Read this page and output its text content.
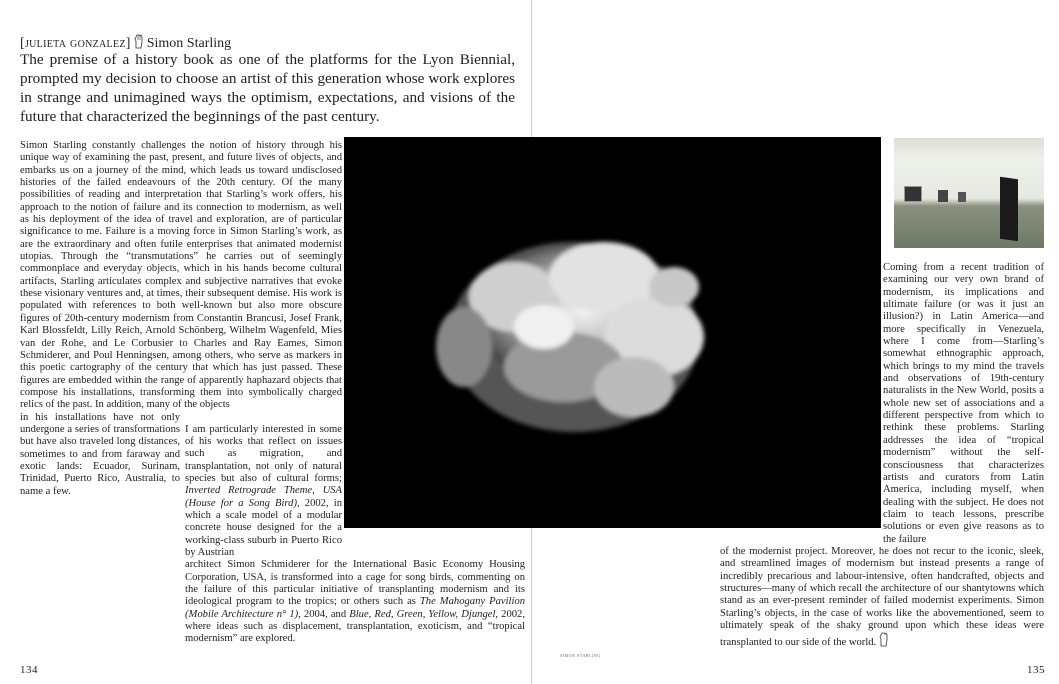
[julieta gonzalez] Simon Starling
The premise of a history book as one of the platforms for the Lyon Biennial, prompted my decision to choose an artist of this generation whose work explores in strange and unimagined ways the optimism, expectations, and visions of the future that characterized the beginnings of the past century.
Simon Starling constantly challenges the notion of history through his unique way of examining the past, present, and future lives of objects, and embarks us on a journey of the mind, which leads us toward undisclosed histories of the failed endeavours of the 20th century. Of the many possibilities of reading and interpretation that Starling’s work offers, his approach to the notion of failure and its connection to modernism, as well as his deployment of the idea of travel and exploration, are of particular significance to me. Failure is a moving force in Simon Starling’s work, as are the extraordinary and often futile enterprises that animated modernist utopias. Through the “transmutations” he carries out of seemingly commonplace and everyday objects, which in his hands become cultural artifacts, Starling articulates complex and subjective narratives that evoke these visionary ventures and, at times, their subsequent demise. His work is populated with references to both well-known but also more obscure figures of 20th-century modernism from Constantin Brancusi, Josef Frank, Karl Blossfeldt, Lilly Reich, Arnold Schönberg, Wilhelm Wagenfeld, Mies van der Rohe, and Le Corbusier to Charles and Ray Eames, Simon Schmiderer, and Poul Henningsen, among others, who serve as markers in this poetic cartography of the century that which has just passed. These figures are embedded within the range of apparently haphazard objects that compose his installations, transforming them into symbolically charged relics of the past. In addition, many of the objects
in his installations have not only undergone a series of transformations but have also traveled long distances, sometimes to and from faraway and exotic lands: Ecuador, Surinam, Trinidad, Puerto Rico, Australia, to name a few.
I am particularly interested in some of his works that reflect on issues such as migration, and transplantation, not only of natural species but also of cultural forms; Inverted Retrograde Theme, USA (House for a Song Bird), 2002, in which a scale model of a modular concrete house designed for the a working-class suburb in Puerto Rico by Austrian
architect Simon Schmiderer for the International Basic Economy Housing Corporation, USA, is transformed into a cage for song birds, commenting on the failure of this particular initiative of transplanting modernism and its ideological program to the tropics; or others such as The Mahogany Pavilion (Mobile Architecture n° 1), 2004, and Blue, Red, Green, Yellow, Djungel, 2002, where ideas such as displacement, transplantation, exoticism, and “tropical modernism” are explored.
Coming from a recent tradition of examining our very own brand of modernism, its implications and ultimate failure (or was it just an illusion?) in Latin America—and more specifically in Venezuela, where I come from—Starling’s somewhat ethnographic approach, which brings to my mind the travels and observations of 19th-century naturalists in the New World, posits a whole new set of associations and a different perspective from which to rethink these problems. Starling addresses the idea of “tropical modernism” without the self-consciousness that characterizes artists and curators from Latin America, including myself, when dealing with the subject. He does not claim to teach lessons, prescribe solutions or even give reasons as to the failure
of the modernist project. Moreover, he does not recur to the iconic, sleek, and streamlined images of modernism but instead presents a range of incredibly precarious and labour-intensive, often handcrafted, objects and structures—many of which recall the architecture of our shantytowns which stand as an ever-present reminder of failed modernist experiments. Simon Starling’s objects, in the case of works like the abovementioned, seem to ultimately speak of the shaky ground upon which these ideas were transplanted to our side of the world.
134
simon starling
135
